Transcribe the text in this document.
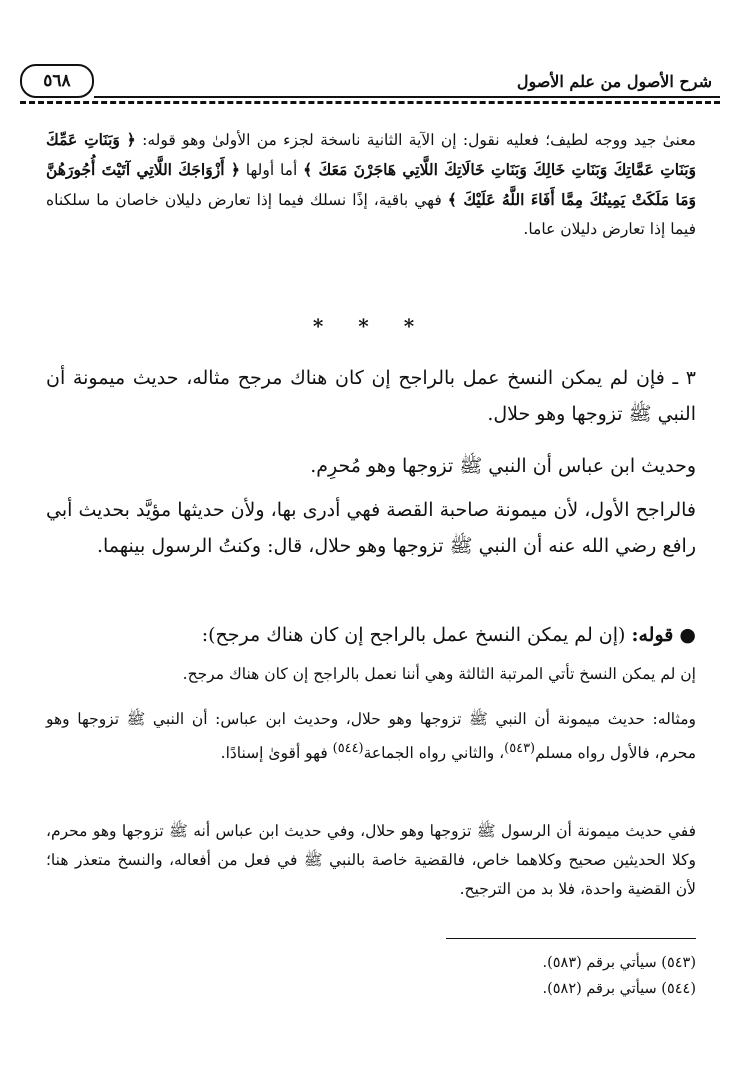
شرح الأصول من علم الأصول
٥٦٨
معنىٰ جيد ووجه لطيف؛ فعليه نقول: إن الآية الثانية ناسخة لجزء من الأولىٰ وهو قوله: ﴿ وَبَنَاتِ عَمِّكَ وَبَنَاتِ عَمَّاتِكَ وَبَنَاتِ خَالِكَ وَبَنَاتِ خَالَاتِكَ اللَّاتِي هَاجَرْنَ مَعَكَ ﴾ أما أولها ﴿ أَزْوَاجَكَ اللَّاتِي آتَيْتَ أُجُورَهُنَّ وَمَا مَلَكَتْ يَمِينُكَ مِمَّا أَفَاءَ اللَّهُ عَلَيْكَ ﴾ فهي باقية، إذًا نسلك فيما إذا تعارض دليلان خاصان ما سلكناه فيما إذا تعارض دليلان عاما.
* * *
٣ ـ فإن لم يمكن النسخ عمل بالراجح إن كان هناك مرجح مثاله، حديث ميمونة أن النبي ﷺ تزوجها وهو حلال.
وحديث ابن عباس أن النبي ﷺ تزوجها وهو مُحرِم.
فالراجح الأول، لأن ميمونة صاحبة القصة فهي أدرى بها، ولأن حديثها مؤيَّد بحديث أبي رافع رضي الله عنه أن النبي ﷺ تزوجها وهو حلال، قال: وكنتُ الرسول بينهما.
● قوله: (إن لم يمكن النسخ عمل بالراجح إن كان هناك مرجح):
إن لم يمكن النسخ تأتي المرتبة الثالثة وهي أننا نعمل بالراجح إن كان هناك مرجح.
ومثاله: حديث ميمونة أن النبي ﷺ تزوجها وهو حلال، وحديث ابن عباس: أن النبي ﷺ تزوجها وهو محرم، فالأول رواه مسلم$^{(٥٤٣)}$، والثاني رواه الجماعة$^{(٥٤٤)}$ فهو أقوىٰ إسنادًا.
ففي حديث ميمونة أن الرسول ﷺ تزوجها وهو حلال، وفي حديث ابن عباس أنه ﷺ تزوجها وهو محرم، وكلا الحديثين صحيح وكلاهما خاص، فالقضية خاصة بالنبي ﷺ في فعل من أفعاله، والنسخ متعذر هنا؛ لأن القضية واحدة، فلا بد من الترجيح.
(٥٤٣) سيأتي برقم (٥٨٣).
(٥٤٤) سيأتي برقم (٥٨٢).
